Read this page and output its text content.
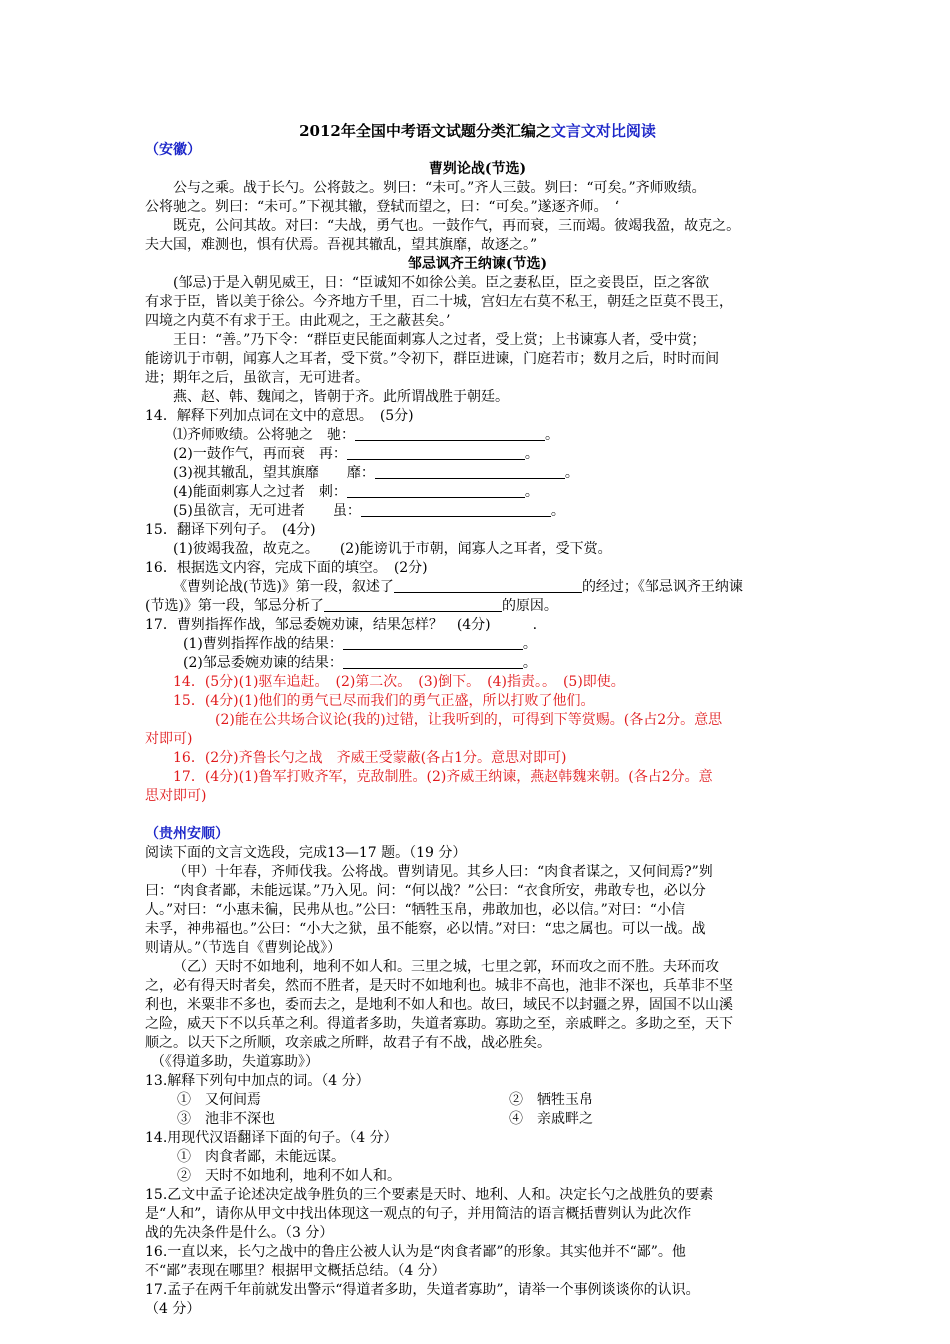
2012年全国中考语文试题分类汇编之文言文对比阅读
（安徽）
曹刿论战(节选)
公与之乘。战于长勺。公将鼓之。刿曰：“未可。”齐人三鼓。刿曰：“可矣。”齐师败绩。
公将驰之。刿曰：“未可。”下视其辙，登轼而望之，曰：“可矣。”遂逐齐师。　‘
既克，公问其故。对曰：“夫战，勇气也。一鼓作气，再而衰，三而竭。彼竭我盈，故克之。
夫大国，难测也，惧有伏焉。吾视其辙乱，望其旗靡，故逐之。”
邹忌讽齐王纳谏(节选)
(邹忌)于是入朝见威王，日：“臣诚知不如徐公美。臣之妻私臣，臣之妾畏臣，臣之客欲
有求于臣，皆以美于徐公。今齐地方千里，百二十城，宫妇左右莫不私王，朝廷之臣莫不畏王，
四境之内莫不有求于王。由此观之，王之蔽甚矣。’
王日：“善。”乃下令：“群臣吏民能面刺寡人之过者，受上赏；上书谏寡人者，受中赏；
能谤讥于市朝，闻寡人之耳者，受下赏。”令初下，群臣进谏，门庭若市；数月之后，时时而间
进；期年之后，虽欲言，无可进者。
燕、赵、韩、魏闻之，皆朝于齐。此所谓战胜于朝廷。
14．解释下列加点词在文中的意思。　(5分)
⑴齐师败绩。公将驰之　驰：	。
(2)一鼓作气，再而衰　再：	。
(3)视其辙乱，望其旗靡　　靡：	。
(4)能面刺寡人之过者　刺：	。
(5)虽欲言，无可进者　　虽：	。
15．翻译下列句子。　(4分)
(1)彼竭我盈，故克之。　　(2)能谤讥于市朝，闻寡人之耳者，受下赏。
16．根据选文内容，完成下面的填空。　(2分)
《曹刿论战(节选)》第一段，叙述了	的经过；《邹忌讽齐王纳谏
(节选)》第一段，邹忌分析了	的原因。
17．曹刿指挥作战，邹忌委婉劝谏，结果怎样？　(4分)　　　.
(1)曹刿指挥作战的结果：	。
(2)邹忌委婉劝谏的结果：	。
14．(5分)(1)驱车追赶。　(2)第二次。　(3)倒下。　(4)指责。。　(5)即使。
15．(4分)(1)他们的勇气已尽而我们的勇气正盛，所以打败了他们。
(2)能在公共场合议论(我的)过错，让我听到的，可得到下等赏赐。(各占2分。意思
对即可)
16．(2分)齐鲁长勺之战　齐威王受蒙蔽(各占1分。意思对即可)
17．(4分)(1)鲁军打败齐军，克敌制胜。(2)齐威王纳谏，燕赵韩魏来朝。(各占2分。意
思对即可)
（贵州安顺）
阅读下面的文言文选段，完成13—17 题。（19 分）
（甲）十年春，齐师伐我。公将战。曹刿请见。其乡人曰：“肉食者谋之，又何间焉?”刿
曰：“肉食者鄙，未能远谋。”乃入见。问：“何以战？”公曰：“衣食所安，弗敢专也，必以分
人。”对曰：“小惠未徧，民弗从也。”公曰：“牺牲玉帛，弗敢加也，必以信。”对曰：“小信
未孚，神弗福也。”公曰：“小大之狱，虽不能察，必以情。”对曰：“忠之属也。可以一战。战
则请从。”（节选自《曹刿论战》）
（乙）天时不如地利，地利不如人和。三里之城，七里之郭，环而攻之而不胜。夫环而攻
之，必有得天时者矣，然而不胜者，是天时不如地利也。城非不高也，池非不深也，兵革非不坚
利也，米粟非不多也，委而去之，是地利不如人和也。故曰，域民不以封疆之界，固国不以山溪
之险，威天下不以兵革之利。得道者多助，失道者寡助。寡助之至，亲戚畔之。多助之至，天下
顺之。以天下之所顺，攻亲戚之所畔，故君子有不战，战必胜矣。
（《得道多助，失道寡助》）
13.解释下列句中加点的词。（4 分）
①　又何间焉	②　牺牲玉帛
③　池非不深也	④　亲戚畔之
14.用现代汉语翻译下面的句子。（4 分）
①　肉食者鄙，未能远谋。
②　天时不如地利，地利不如人和。
15.乙文中孟子论述决定战争胜负的三个要素是天时、地利、人和。决定长勺之战胜负的要素
是“人和”，请你从甲文中找出体现这一观点的句子，并用简洁的语言概括曹刿认为此次作
战的先决条件是什么。（3 分）
16.一直以来，长勺之战中的鲁庄公被人认为是“肉食者鄙”的形象。其实他并不“鄙”。他
不“鄙”表现在哪里？根据甲文概括总结。（4 分）
17.孟子在两千年前就发出警示“得道者多助，失道者寡助”，请举一个事例谈谈你的认识。
（4 分）
